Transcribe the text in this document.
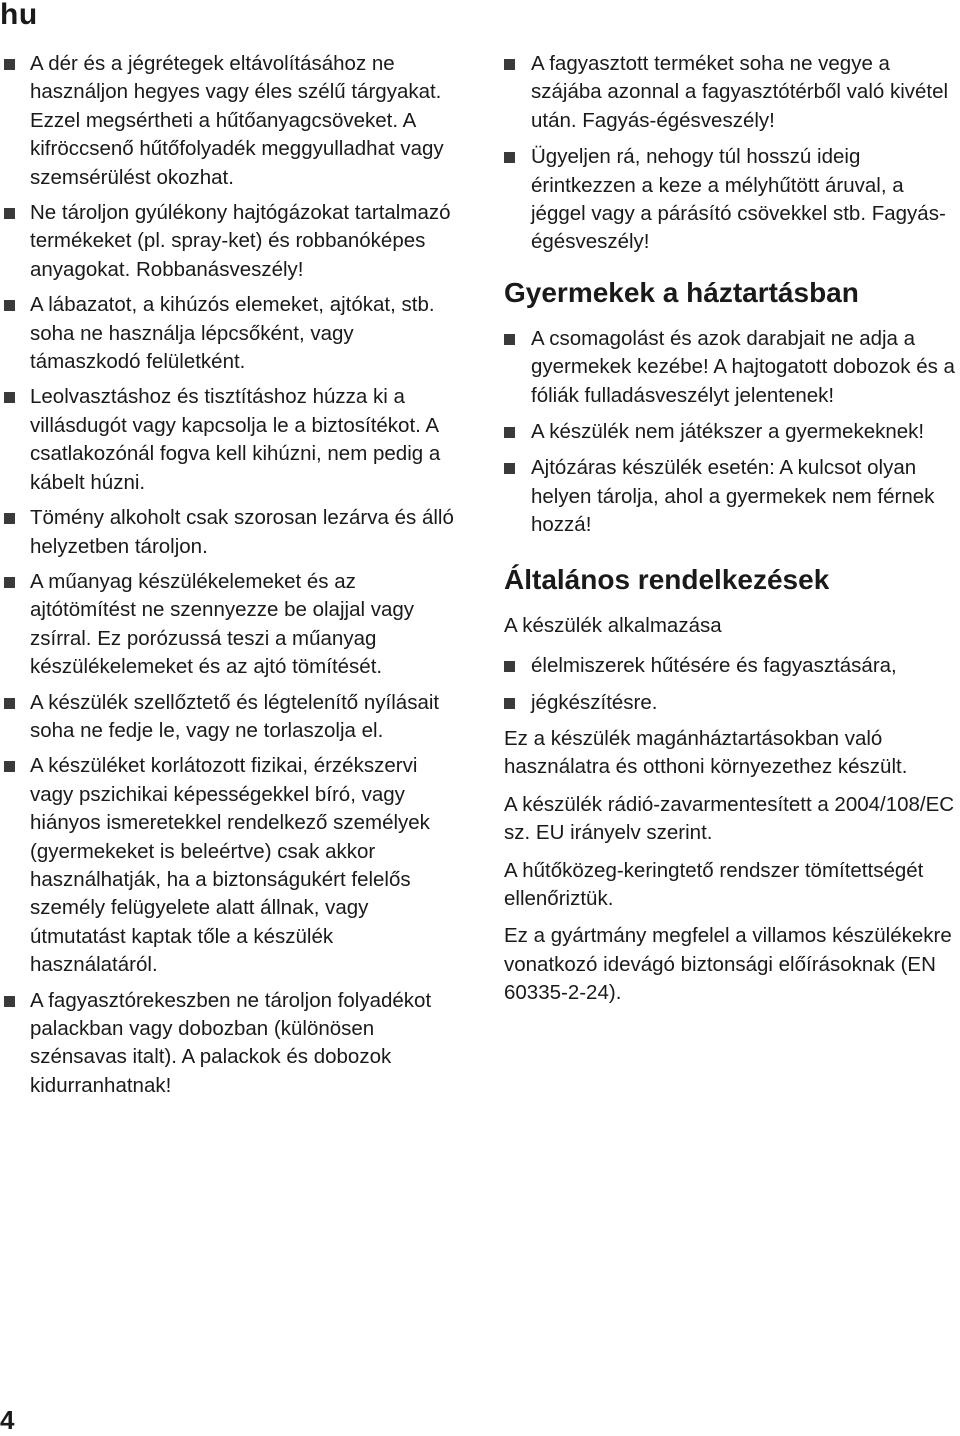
hu
A dér és a jégrétegek eltávolításához ne használjon hegyes vagy éles szélű tárgyakat. Ezzel megsértheti a hűtőanyagcsöveket. A kifröccsenő hűtőfolyadék meggyulladhat vagy szemsérülést okozhat.
Ne tároljon gyúlékony hajtógázokat tartalmazó termékeket (pl. spray-ket) és robbanóképes anyagokat. Robbanásveszély!
A lábazatot, a kihúzós elemeket, ajtókat, stb. soha ne használja lépcsőként, vagy támaszkodó felületként.
Leolvasztáshoz és tisztításhoz húzza ki a villásdugót vagy kapcsolja le a biztosítékot. A csatlakozónál fogva kell kihúzni, nem pedig a kábelt húzni.
Tömény alkoholt csak szorosan lezárva és álló helyzetben tároljon.
A műanyag készülékelemeket és az ajtótömítést ne szennyezze be olajjal vagy zsírral. Ez porózussá teszi a műanyag készülékelemeket és az ajtó tömítését.
A készülék szellőztető és légtelenítő nyílásait soha ne fedje le, vagy ne torlaszolja el.
A készüléket korlátozott fizikai, érzékszervi vagy pszichikai képességekkel bíró, vagy hiányos ismeretekkel rendelkező személyek (gyermekeket is beleértve) csak akkor használhatják, ha a biztonságukért felelős személy felügyelete alatt állnak, vagy útmutatást kaptak tőle a készülék használatáról.
A fagyasztórekeszben ne tároljon folyadékot palackban vagy dobozban (különösen szénsavas italt). A palackok és dobozok kidurranhatnak!
A fagyasztott terméket soha ne vegye a szájába azonnal a fagyasztótérből való kivétel után. Fagyás-égésveszély!
Ügyeljen rá, nehogy túl hosszú ideig érintkezzen a keze a mélyhűtött áruval, a jéggel vagy a párásító csövekkel stb. Fagyás-égésveszély!
Gyermekek a háztartásban
A csomagolást és azok darabjait ne adja a gyermekek kezébe! A hajtogatott dobozok és a fóliák fulladásveszélyt jelentenek!
A készülék nem játékszer a gyermekeknek!
Ajtózáras készülék esetén: A kulcsot olyan helyen tárolja, ahol a gyermekek nem férnek hozzá!
Általános rendelkezések

A készülék alkalmazása

élelmiszerek hűtésére és fagyasztására,
jégkészítésre.

Ez a készülék magánháztartásokban való használatra és otthoni környezethez készült.

A készülék rádió-zavarmentesített a 2004/108/EC sz. EU irányelv szerint.

A hűtőközeg-keringtető rendszer tömítettségét ellenőriztük.

Ez a gyártmány megfelel a villamos készülékekre vonatkozó idevágó biztonsági előírásoknak (EN 60335-2-24).

4
